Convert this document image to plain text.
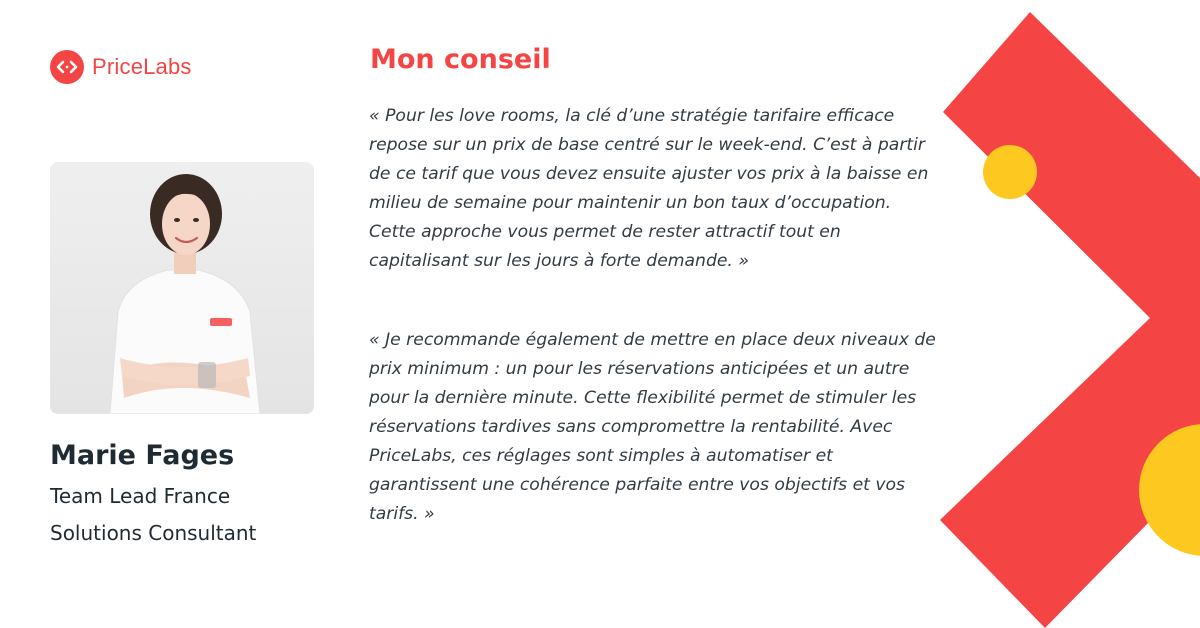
PriceLabs
Marie Fages
Team Lead France
Solutions Consultant
Mon conseil

« Pour les love rooms, la clé d’une stratégie tarifaire efficace repose sur un prix de base centré sur le week-end. C’est à partir de ce tarif que vous devez ensuite ajuster vos prix à la baisse en milieu de semaine pour maintenir un bon taux d’occupation. Cette approche vous permet de rester attractif tout en capitalisant sur les jours à forte demande. »

« Je recommande également de mettre en place deux niveaux de prix minimum : un pour les réservations anticipées et un autre pour la dernière minute. Cette flexibilité permet de stimuler les réservations tardives sans compromettre la rentabilité. Avec PriceLabs, ces réglages sont simples à automatiser et garantissent une cohérence parfaite entre vos objectifs et vos tarifs. »
